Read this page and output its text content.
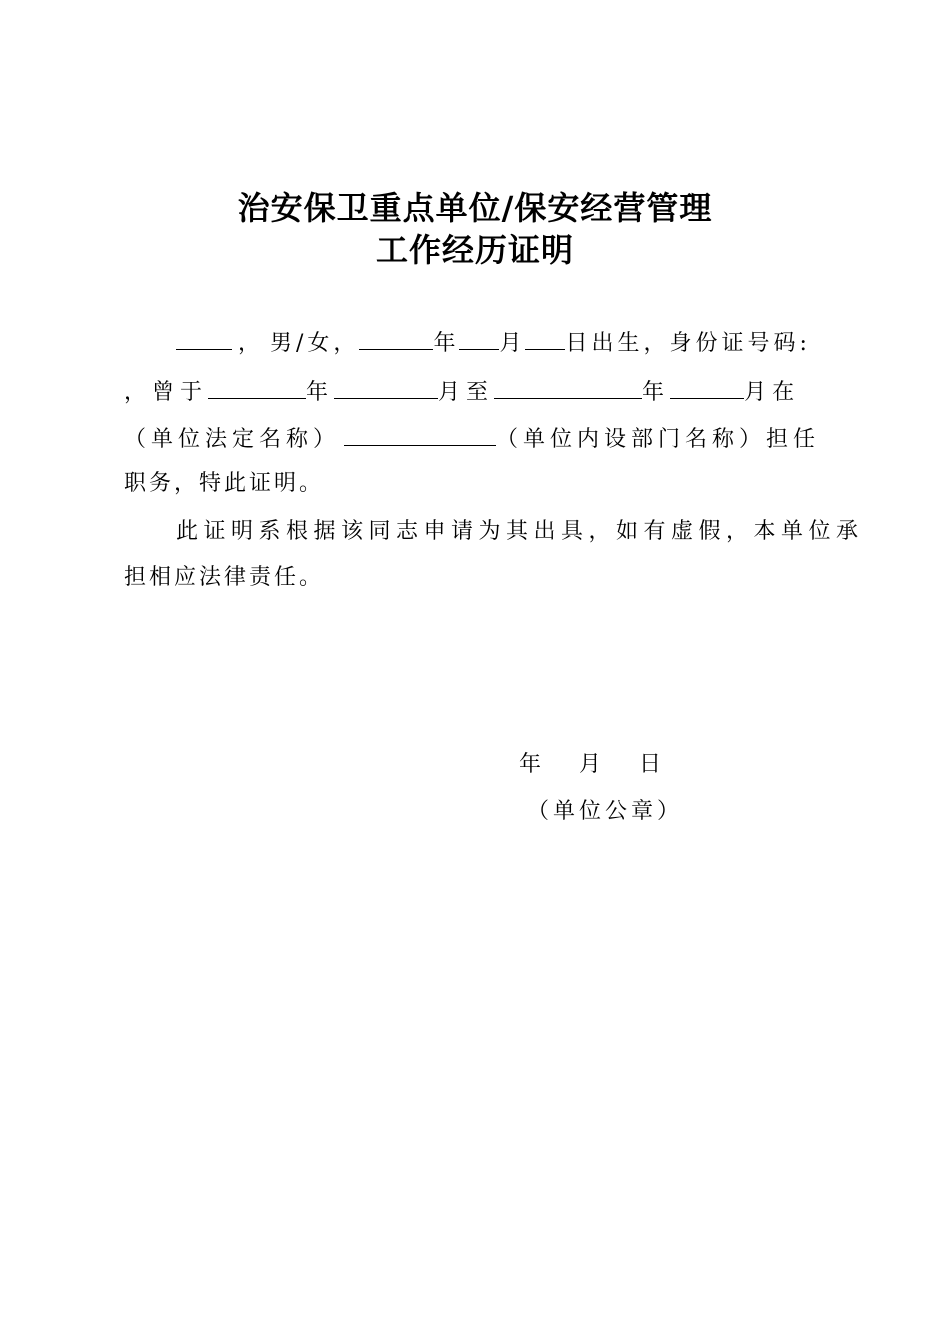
治安保卫重点单位/保安经营管理
工作经历证明
， 男/女，	年 月 日出生，身份证号码:
，曾于	年	月至	年	月在
（单位法定名称）	（单位内设部门名称）担任
职务，特此证明。
此证明系根据该同志申请为其出具，如有虚假，本单位承
担相应法律责任。
年    月    日
（单位公章）
